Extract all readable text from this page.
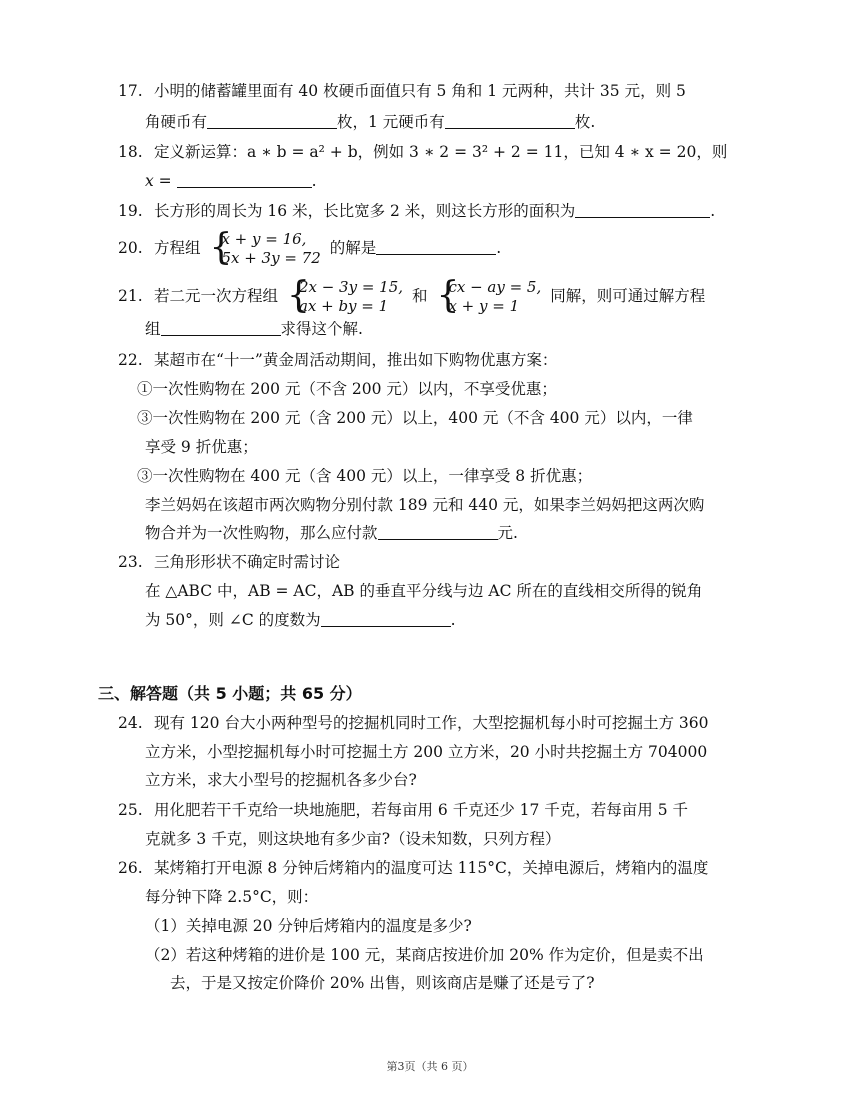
17. 小明的储蓄罐里面有 40 枚硬币面值只有 5 角和 1 元两种，共计 35 元，则 5
角硬币有	枚，1 元硬币有	枚.
18. 定义新运算：a ∗ b = a² + b，例如 3 ∗ 2 = 3² + 2 = 11，已知 4 ∗ x = 20，则
x =	.
19. 长方形的周长为 16 米，长比宽多 2 米，则这长方形的面积为	.
20. 方程组 {
x + y = 16,
5x + 3y = 72
的解是	.
21. 若二元一次方程组 {
2x − 3y = 15,
ax + by = 1
和 {
cx − ay = 5,
x + y = 1
同解，则可通过解方程
组	求得这个解.
22. 某超市在“十一”黄金周活动期间，推出如下购物优惠方案：
①一次性购物在 200 元（不含 200 元）以内，不享受优惠；
③一次性购物在 200 元（含 200 元）以上，400 元（不含 400 元）以内，一律
享受 9 折优惠；
③一次性购物在 400 元（含 400 元）以上，一律享受 8 折优惠；
李兰妈妈在该超市两次购物分别付款 189 元和 440 元，如果李兰妈妈把这两次购
物合并为一次性购物，那么应付款	元.
23. 三角形形状不确定时需讨论
在 △ABC 中，AB = AC，AB 的垂直平分线与边 AC 所在的直线相交所得的锐角
为 50°，则 ∠C 的度数为	.
三、解答题（共 5 小题；共 65 分）
24. 现有 120 台大小两种型号的挖掘机同时工作，大型挖掘机每小时可挖掘土方 360
立方米，小型挖掘机每小时可挖掘土方 200 立方米，20 小时共挖掘土方 704000
立方米，求大小型号的挖掘机各多少台?
25. 用化肥若干千克给一块地施肥，若每亩用 6 千克还少 17 千克，若每亩用 5 千
克就多 3 千克，则这块地有多少亩?（设未知数，只列方程）
26. 某烤箱打开电源 8 分钟后烤箱内的温度可达 115°C，关掉电源后，烤箱内的温度
每分钟下降 2.5°C，则：
（1）关掉电源 20 分钟后烤箱内的温度是多少?
（2）若这种烤箱的进价是 100 元，某商店按进价加 20% 作为定价，但是卖不出
去，于是又按定价降价 20% 出售，则该商店是赚了还是亏了?
第3页（共 6 页）
